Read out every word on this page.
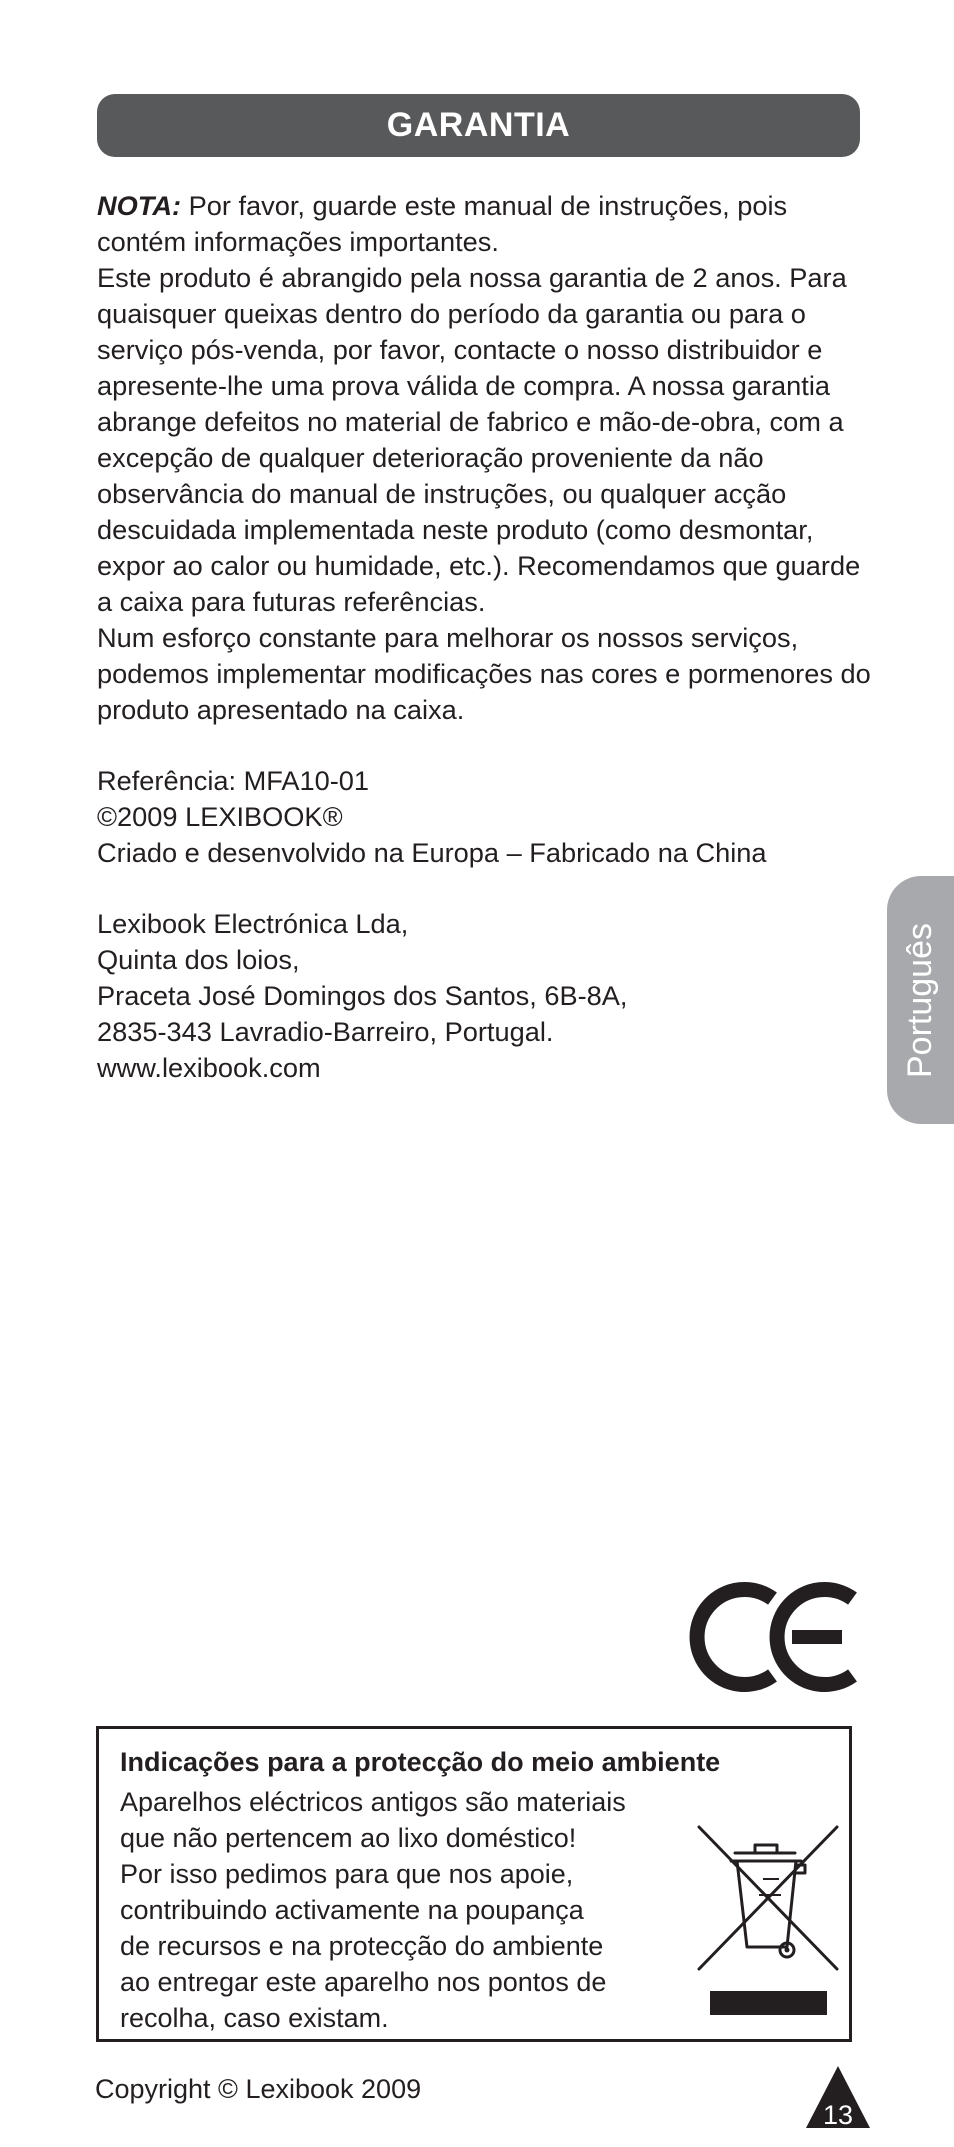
GARANTIA

NOTA: Por favor, guarde este manual de instruções, pois contém informações importantes.

Este produto é abrangido pela nossa garantia de 2 anos. Para quaisquer queixas dentro do período da garantia ou para o serviço pós-venda, por favor, contacte o nosso distribuidor e apresente-lhe uma prova válida de compra. A nossa garantia abrange defeitos no material de fabrico e mão-de-obra, com a excepção de qualquer deterioração proveniente da não observância do manual de instruções, ou qualquer acção descuidada implementada neste produto (como desmontar, expor ao calor ou humidade, etc.). Recomendamos que guarde a caixa para futuras referências.

Num esforço constante para melhorar os nossos serviços, podemos implementar modificações nas cores e pormenores do produto apresentado na caixa.

Referência: MFA10-01

©2009 LEXIBOOK®

Criado e desenvolvido na Europa – Fabricado na China

Lexibook Electrónica Lda,

Quinta dos loios,

Praceta José Domingos dos Santos, 6B-8A,

2835-343 Lavradio-Barreiro, Portugal.

www.lexibook.com	Português
Indicações para a protecção do meio ambiente
Aparelhos eléctricos antigos são materiais
que não pertencem ao lixo doméstico!
Por isso pedimos para que nos apoie,
contribuindo activamente na poupança
de recursos e na protecção do ambiente
ao entregar este aparelho nos pontos de
recolha, caso existam.
Copyright © Lexibook 2009
13
